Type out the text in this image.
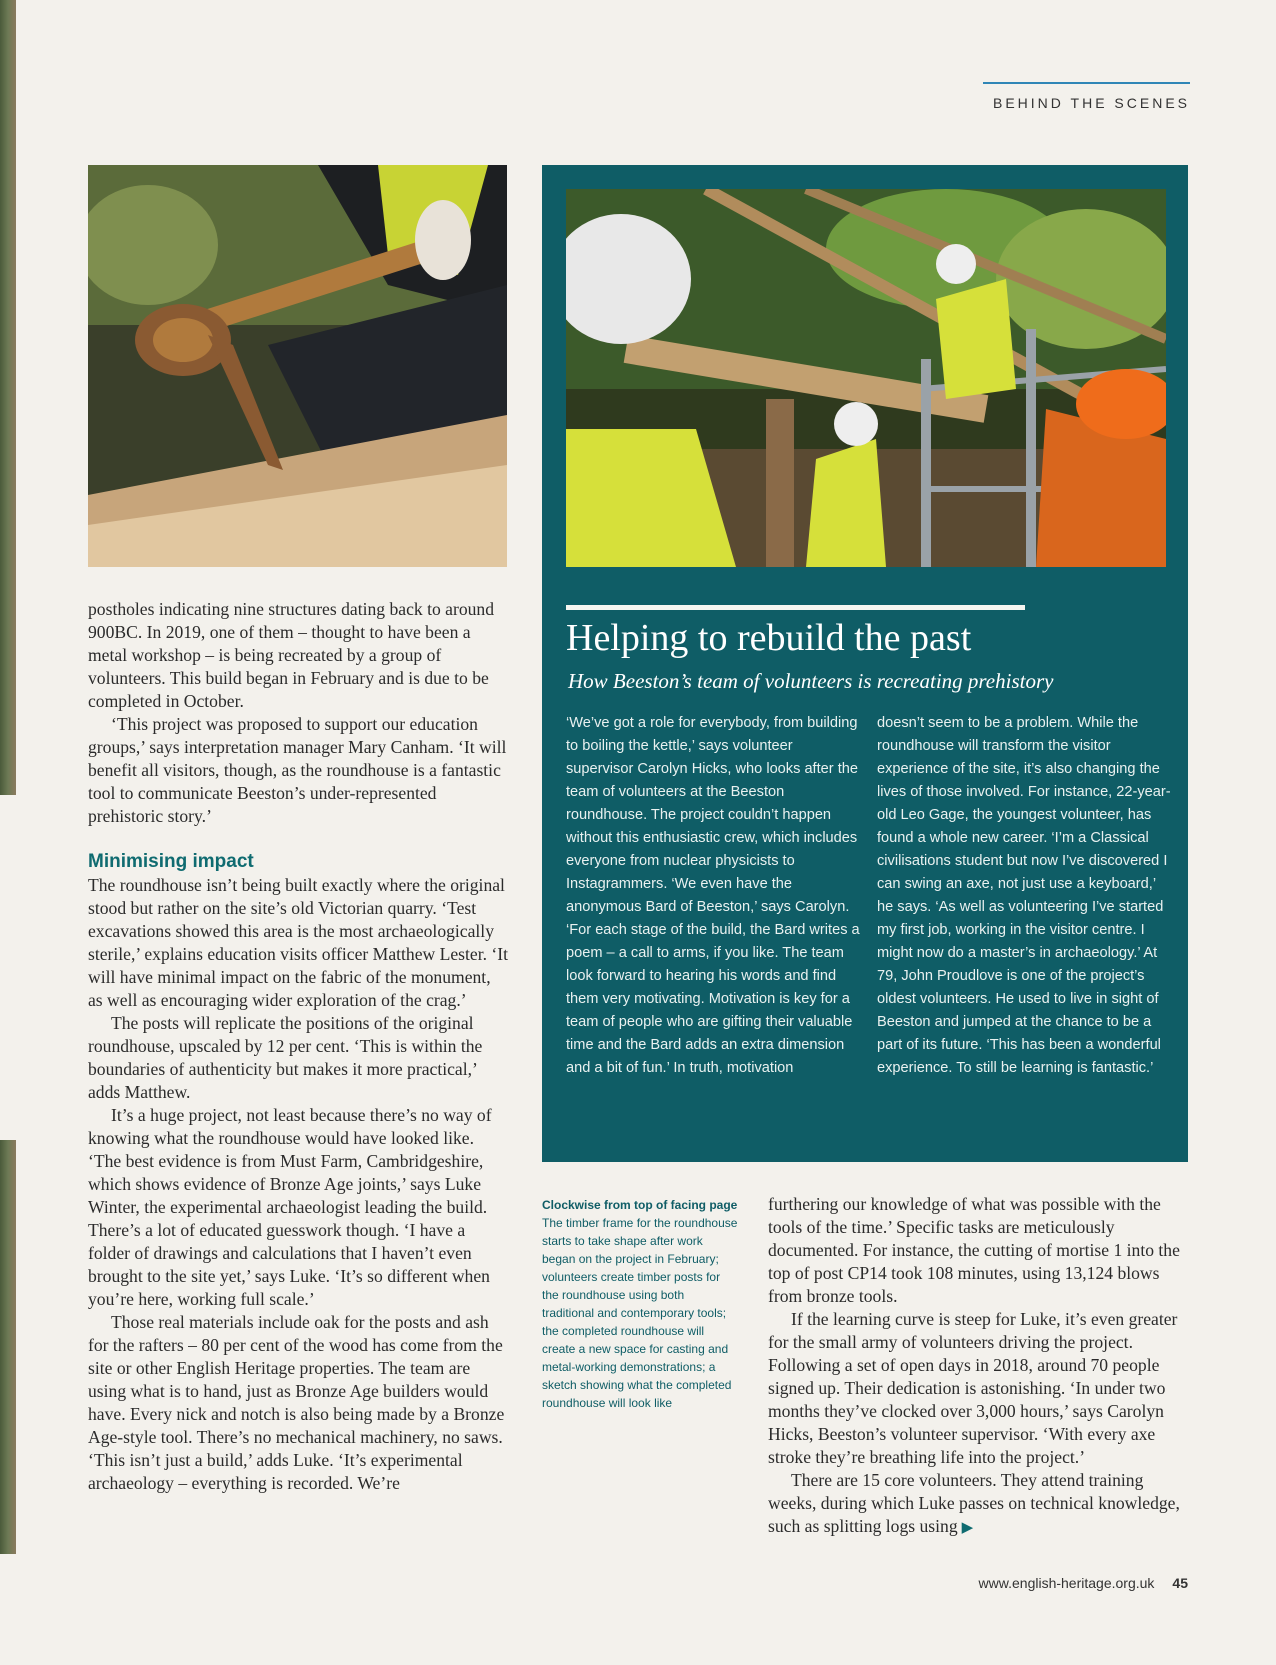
BEHIND THE SCENES
Helping to rebuild the past

How Beeston’s team of volunteers is recreating prehistory

‘We’ve got a role for everybody, from building to boiling the kettle,’ says volunteer supervisor Carolyn Hicks, who looks after the team of volunteers at the Beeston roundhouse. The project couldn’t happen without this enthusiastic crew, which includes everyone from nuclear physicists to Instagrammers. ‘We even have the anonymous Bard of Beeston,’ says Carolyn. ‘For each stage of the build, the Bard writes a poem – a call to arms, if you like. The team look forward to hearing his words and find them very motivating. Motivation is key for a team of people who are gifting their valuable time and the Bard adds an extra dimension and a bit of fun.’ In truth, motivation

doesn’t seem to be a problem. While the roundhouse will transform the visitor experience of the site, it’s also changing the lives of those involved. For instance, 22-year-old Leo Gage, the youngest volunteer, has found a whole new career. ‘I’m a Classical civilisations student but now I’ve discovered I can swing an axe, not just use a keyboard,’ he says. ‘As well as volunteering I’ve started my first job, working in the visitor centre. I might now do a master’s in archaeology.’ At 79, John Proudlove is one of the project’s oldest volunteers. He used to live in sight of Beeston and jumped at the chance to be a part of its future. ‘This has been a wonderful experience. To still be learning is fantastic.’

postholes indicating nine structures dating back to around 900BC. In 2019, one of them – thought to have been a metal workshop – is being recreated by a group of volunteers. This build began in February and is due to be completed in October.

‘This project was proposed to support our education groups,’ says interpretation manager Mary Canham. ‘It will benefit all visitors, though, as the roundhouse is a fantastic tool to communicate Beeston’s under-represented prehistoric story.’

Minimising impact

The roundhouse isn’t being built exactly where the original stood but rather on the site’s old Victorian quarry. ‘Test excavations showed this area is the most archaeologically sterile,’ explains education visits officer Matthew Lester. ‘It will have minimal impact on the fabric of the monument, as well as encouraging wider exploration of the crag.’

The posts will replicate the positions of the original roundhouse, upscaled by 12 per cent. ‘This is within the boundaries of authenticity but makes it more practical,’ adds Matthew.

It’s a huge project, not least because there’s no way of knowing what the roundhouse would have looked like. ‘The best evidence is from Must Farm, Cambridgeshire, which shows evidence of Bronze Age joints,’ says Luke Winter, the experimental archaeologist leading the build. There’s a lot of educated guesswork though. ‘I have a folder of drawings and calculations that I haven’t even brought to the site yet,’ says Luke. ‘It’s so different when you’re here, working full scale.’

Those real materials include oak for the posts and ash for the rafters – 80 per cent of the wood has come from the site or other English Heritage properties. The team are using what is to hand, just as Bronze Age builders would have. Every nick and notch is also being made by a Bronze Age-style tool. There’s no mechanical machinery, no saws. ‘This isn’t just a build,’ adds Luke. ‘It’s experimental archaeology – everything is recorded. We’re

Clockwise from top of facing page The timber frame for the roundhouse starts to take shape after work began on the project in February; volunteers create timber posts for the roundhouse using both traditional and contemporary tools; the completed roundhouse will create a new space for casting and metal-working demonstrations; a sketch showing what the completed roundhouse will look like

furthering our knowledge of what was possible with the tools of the time.’ Specific tasks are meticulously documented. For instance, the cutting of mortise 1 into the top of post CP14 took 108 minutes, using 13,124 blows from bronze tools.

If the learning curve is steep for Luke, it’s even greater for the small army of volunteers driving the project. Following a set of open days in 2018, around 70 people signed up. Their dedication is astonishing. ‘In under two months they’ve clocked over 3,000 hours,’ says Carolyn Hicks, Beeston’s volunteer supervisor. ‘With every axe stroke they’re breathing life into the project.’

There are 15 core volunteers. They attend training weeks, during which Luke passes on technical knowledge, such as splitting logs using ▶

www.english-heritage.org.uk 45
